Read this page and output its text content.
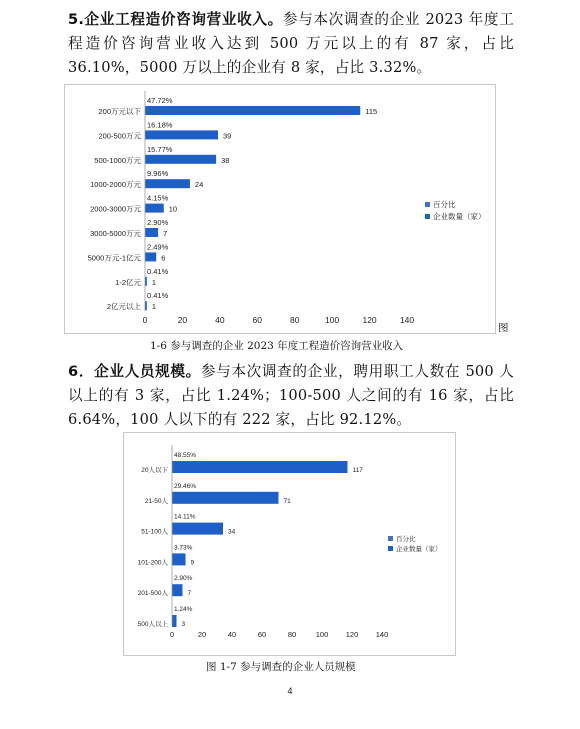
5.企业工程造价咨询营业收入。参与本次调查的企业 2023 年度工程造价咨询营业收入达到 500 万元以上的有 87 家，占比 36.10%，5000 万以上的企业有 8 家，占比 3.32%。

200万元以下
47.72%
115
200-500万元
16.18%
39
500-1000万元
15.77%
38
1000-2000万元
9.96%
24
2000-3000万元
4.15%
10
3000-5000万元
2.90%
7
5000万元-1亿元
2.49%
6
1-2亿元
0.41%
1
2亿元以上
0.41%
1
0	20	40	60	80	100	120	140
百分比
企业数量（家）
图
1-6 参与调查的企业 2023 年度工程造价咨询营业收入

6．企业人员规模。参与本次调查的企业，聘用职工人数在 500 人以上的有 3 家，占比 1.24%；100-500 人之间的有 16 家，占比 6.64%，100 人以下的有 222 家，占比 92.12%。

20人以下
48.55%
117
21-50人
29.46%
71
51-100人
14.11%
34
101-200人
3.73%
9
201-500人
2.90%
7
500人以上
1.24%
3
0	20	40	60	80	100 120 140
百分比
企业数量（家）
图 1-7 参与调查的企业人员规模
4
